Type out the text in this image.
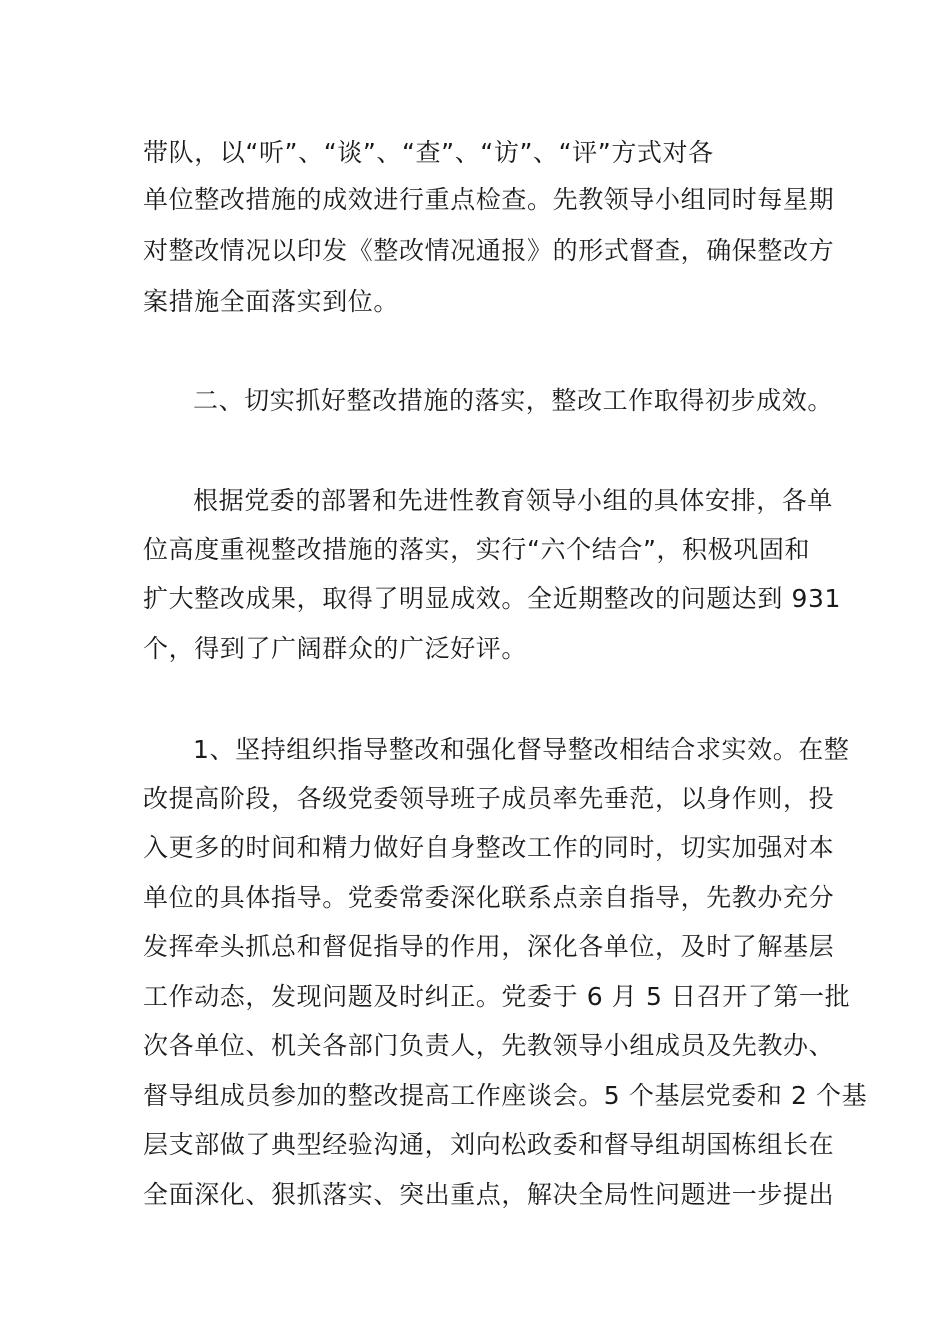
带队，以“听”、“谈”、“查”、“访”、“评”方式对各
单位整改措施的成效进行重点检查。先教领导小组同时每星期
对整改情况以印发《整改情况通报》的形式督查，确保整改方
案措施全面落实到位。
二、切实抓好整改措施的落实，整改工作取得初步成效。
根据党委的部署和先进性教育领导小组的具体安排，各单
位高度重视整改措施的落实，实行“六个结合”，积极巩固和
扩大整改成果，取得了明显成效。全近期整改的问题达到 931
个，得到了广阔群众的广泛好评。
1、坚持组织指导整改和强化督导整改相结合求实效。在整
改提高阶段，各级党委领导班子成员率先垂范，以身作则，投
入更多的时间和精力做好自身整改工作的同时，切实加强对本
单位的具体指导。党委常委深化联系点亲自指导，先教办充分
发挥牵头抓总和督促指导的作用，深化各单位，及时了解基层
工作动态，发现问题及时纠正。党委于 6 月 5 日召开了第一批
次各单位、机关各部门负责人，先教领导小组成员及先教办、
督导组成员参加的整改提高工作座谈会。5 个基层党委和 2 个基
层支部做了典型经验沟通，刘向松政委和督导组胡国栋组长在
全面深化、狠抓落实、突出重点，解决全局性问题进一步提出
